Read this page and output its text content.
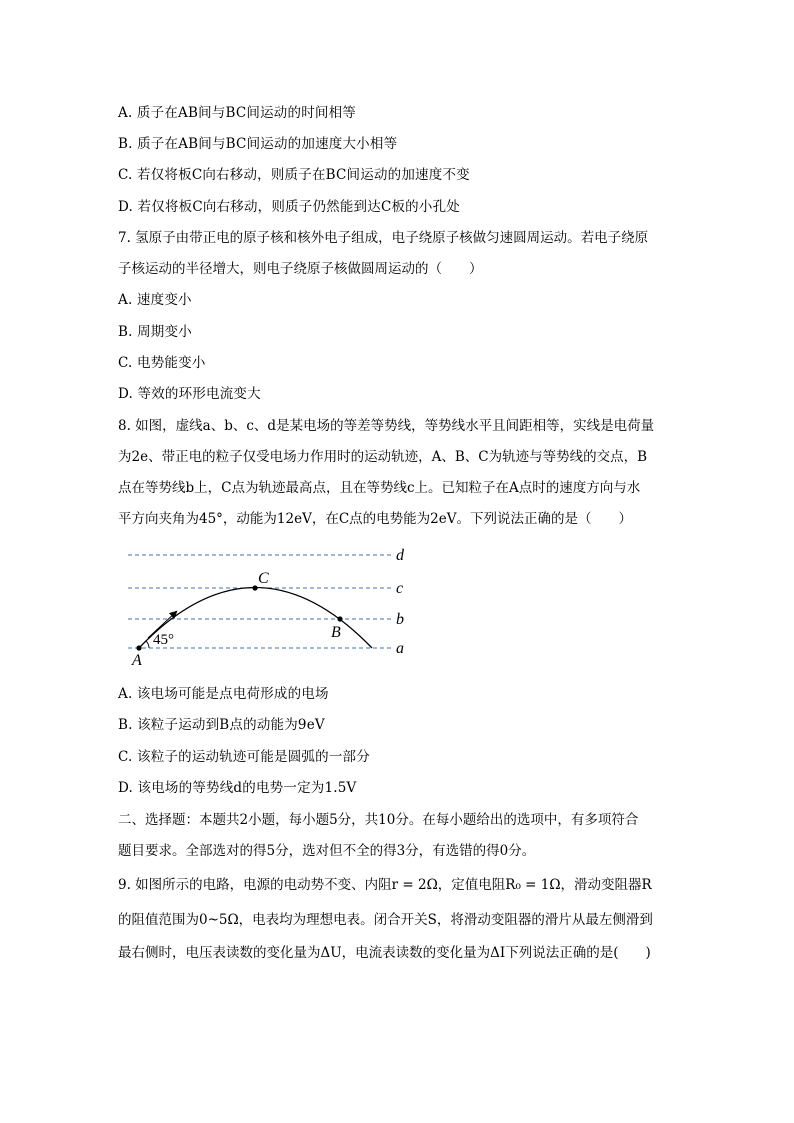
A. 质子在AB间与BC间运动的时间相等
B. 质子在AB间与BC间运动的加速度大小相等
C. 若仅将板C向右移动，则质子在BC间运动的加速度不变
D. 若仅将板C向右移动，则质子仍然能到达C板的小孔处
7. 氢原子由带正电的原子核和核外电子组成，电子绕原子核做匀速圆周运动。若电子绕原
子核运动的半径增大，则电子绕原子核做圆周运动的（　　）
A. 速度变小
B. 周期变小
C. 电势能变小
D. 等效的环形电流变大
8. 如图，虚线a、b、c、d是某电场的等差等势线，等势线水平且间距相等，实线是电荷量
为2e、带正电的粒子仅受电场力作用时的运动轨迹，A、B、C为轨迹与等势线的交点，B
点在等势线b上，C点为轨迹最高点，且在等势线c上。已知粒子在A点时的速度方向与水
平方向夹角为45°，动能为12eV，在C点的电势能为2eV。下列说法正确的是（　　）
d
c
b
a
A
C
B
45°
A. 该电场可能是点电荷形成的电场
B. 该粒子运动到B点的动能为9eV
C. 该粒子的运动轨迹可能是圆弧的一部分
D. 该电场的等势线d的电势一定为1.5V
二、选择题：本题共2小题，每小题5分，共10分。在每小题给出的选项中，有多项符合
题目要求。全部选对的得5分，选对但不全的得3分，有选错的得0分。
9. 如图所示的电路，电源的电动势不变、内阻r = 2Ω，定值电阻R₀ = 1Ω，滑动变阻器R
的阻值范围为0~5Ω，电表均为理想电表。闭合开关S，将滑动变阻器的滑片从最左侧滑到
最右侧时，电压表读数的变化量为ΔU，电流表读数的变化量为ΔI下列说法正确的是(　　)
